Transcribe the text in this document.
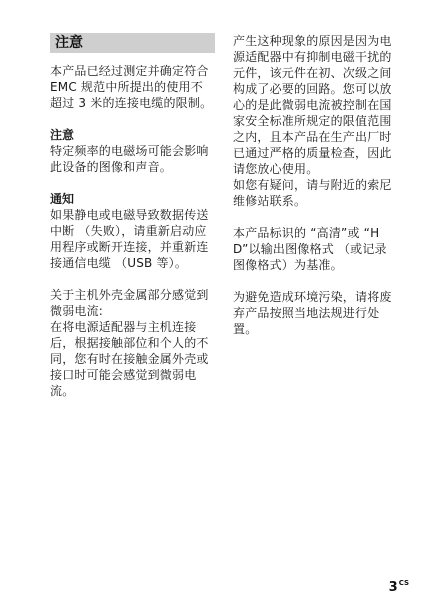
注意

本产品已经过测定并确定符合 EMC 规范中所提出的使用不超过 3 米的连接电缆的限制。

注意

特定频率的电磁场可能会影响此设备的图像和声音。

通知

如果静电或电磁导致数据传送中断 （失败），请重新启动应用程序或断开连接，并重新连接通信电缆 （USB 等）。

关于主机外壳金属部分感觉到微弱电流:

在将电源适配器与主机连接后，根据接触部位和个人的不同，您有时在接触金属外壳或接口时可能会感觉到微弱电流。

产生这种现象的原因是因为电源适配器中有抑制电磁干扰的元件，该元件在初、次级之间构成了必要的回路。您可以放心的是此微弱电流被控制在国家安全标准所规定的限值范围之内，且本产品在生产出厂时已通过严格的质量检查，因此请您放心使用。

如您有疑问，请与附近的索尼维修站联系。

本产品标识的 “高清”或 “HD”以输出图像格式 （或记录图像格式）为基准。

为避免造成环境污染，请将废弃产品按照当地法规进行处置。

$3^{CS}$
